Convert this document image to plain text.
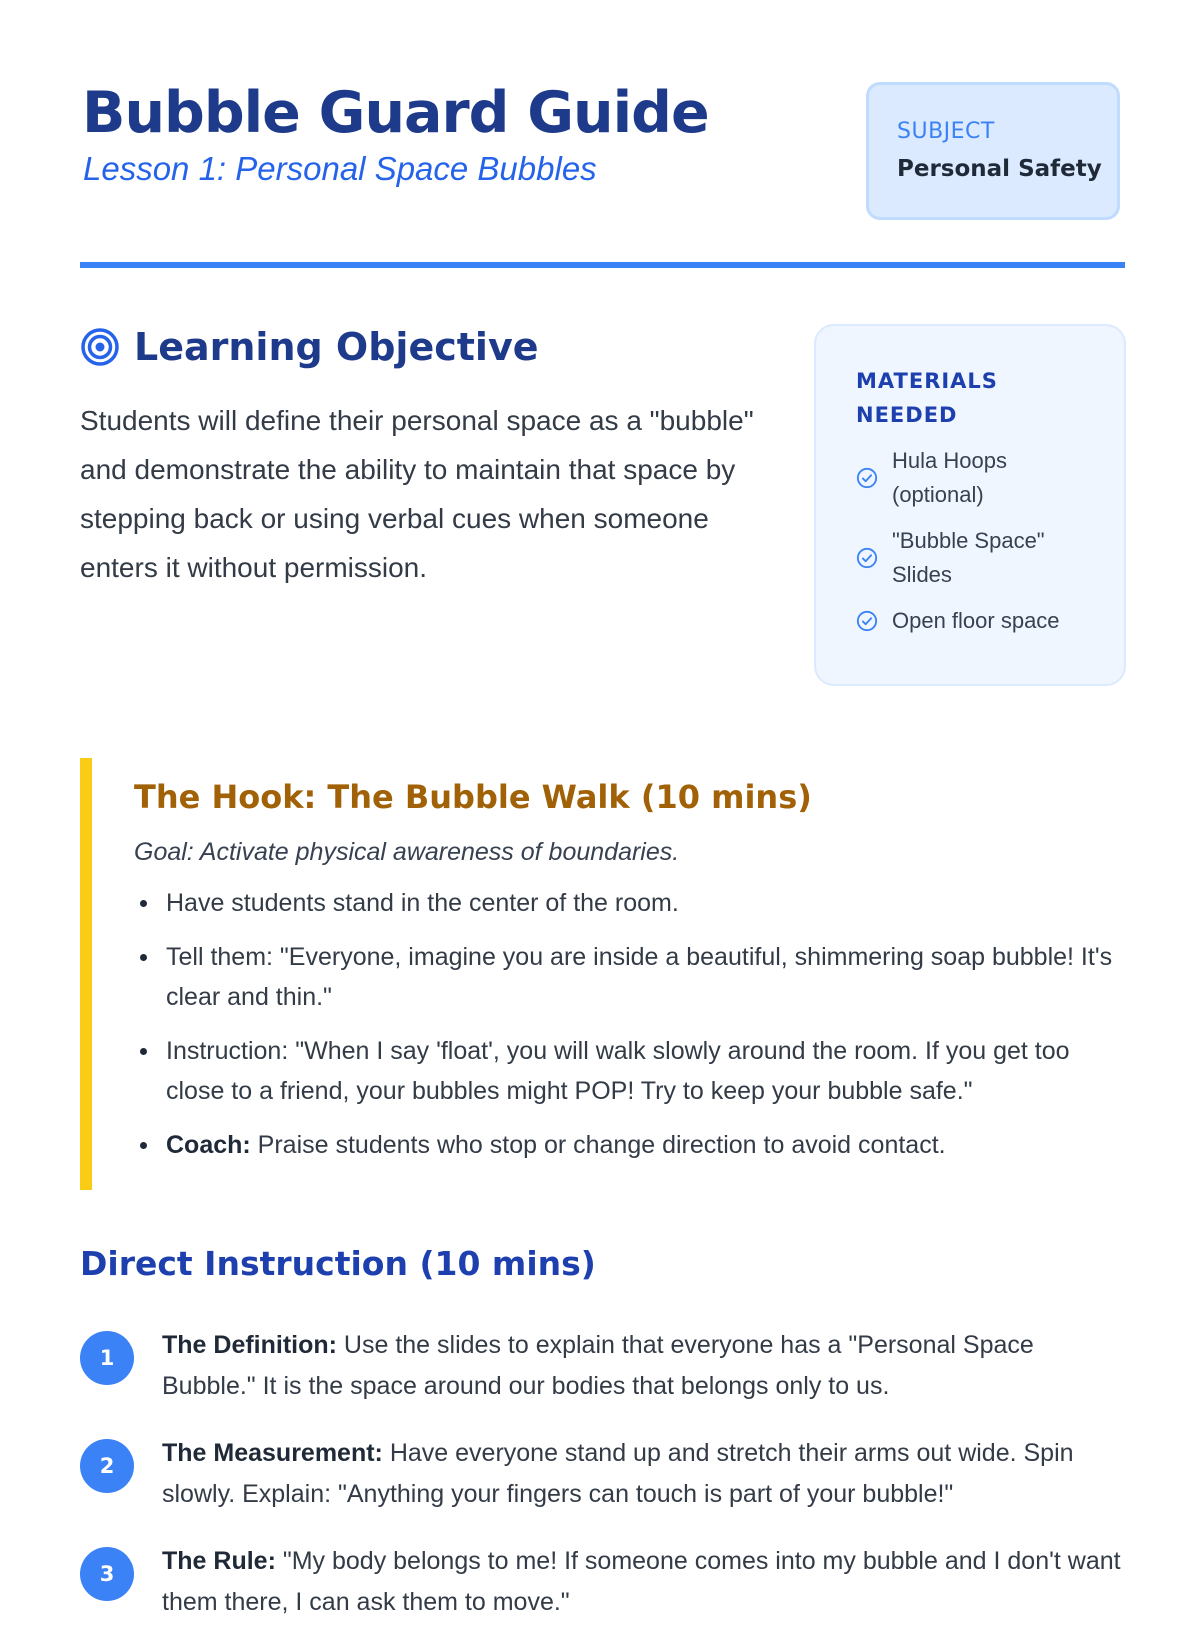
Bubble Guard Guide
Lesson 1: Personal Space Bubbles
SUBJECT
Personal Safety
Learning Objective

Students will define their personal space as a "bubble" and demonstrate the ability to maintain that space by stepping back or using verbal cues when someone enters it without permission.

MATERIALS NEEDED
Hula Hoops (optional)
"Bubble Space" Slides
Open floor space
The Hook: The Bubble Walk (10 mins)

Goal: Activate physical awareness of boundaries.

Have students stand in the center of the room.
Tell them: "Everyone, imagine you are inside a beautiful, shimmering soap bubble! It's clear and thin."
Instruction: "When I say 'float', you will walk slowly around the room. If you get too close to a friend, your bubbles might POP! Try to keep your bubble safe."
Coach: Praise students who stop or change direction to avoid contact.
Direct Instruction (10 mins)
1	The Definition: Use the slides to explain that everyone has a "Personal Space Bubble." It is the space around our bodies that belongs only to us.
2	The Measurement: Have everyone stand up and stretch their arms out wide. Spin slowly. Explain: "Anything your fingers can touch is part of your bubble!"
3	The Rule: "My body belongs to me! If someone comes into my bubble and I don't want them there, I can ask them to move."
